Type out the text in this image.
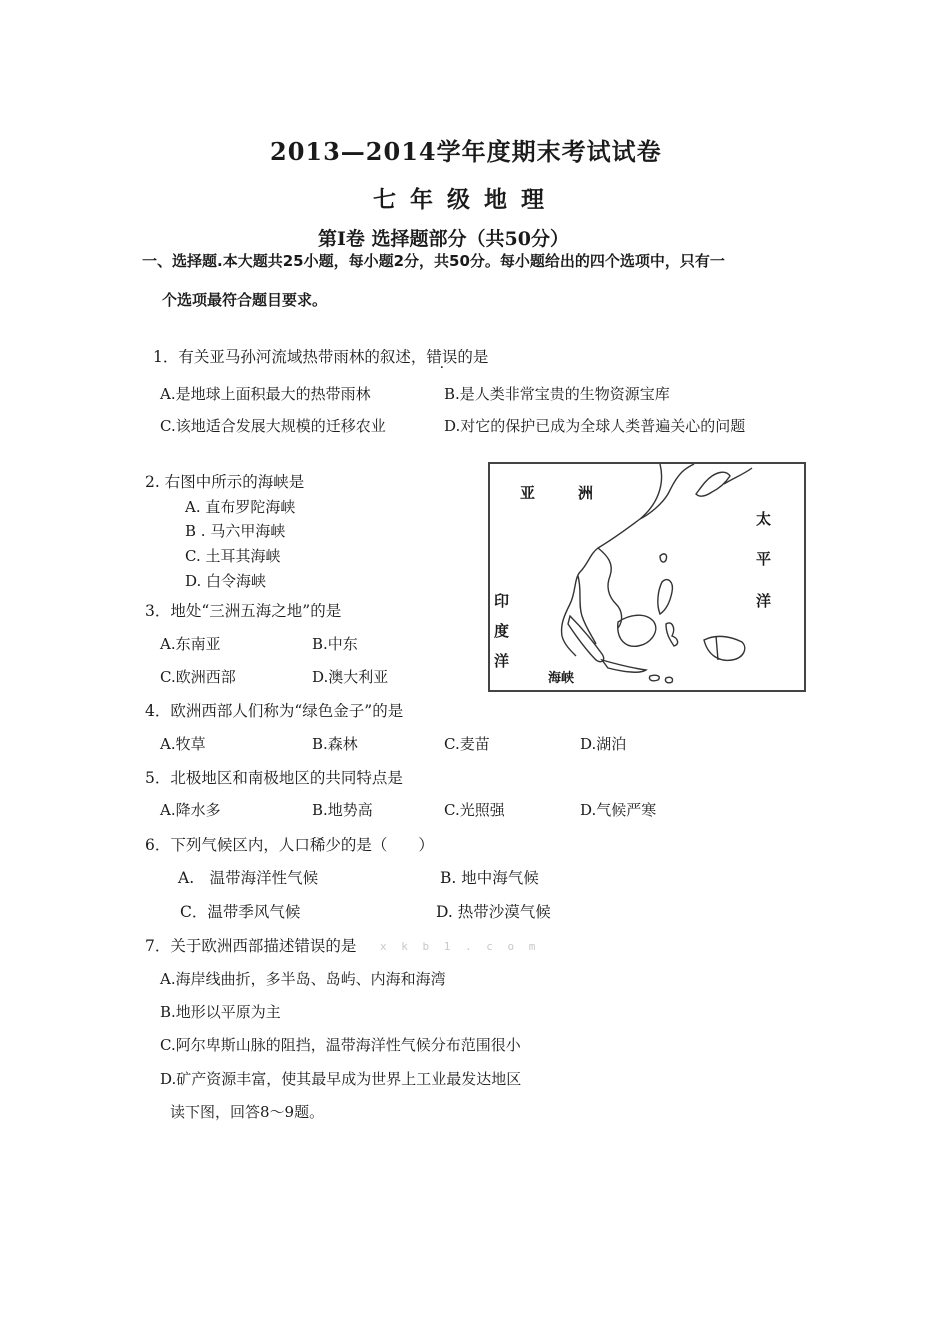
2013—2014学年度期末考试试卷
七年级地理
第Ⅰ卷 选择题部分（共50分）
一、选择题.本大题共25小题，每小题2分，共50分。每小题给出的四个选项中，只有一
个选项最符合题目要求。
1．有关亚马孙河流域热带雨林的叙述，错误的是
A.是地球上面积最大的热带雨林	B.是人类非常宝贵的生物资源宝库
C.该地适合发展大规模的迁移农业	D.对它的保护已成为全球人类普遍关心的问题
2. 右图中所示的海峡是
A. 直布罗陀海峡
B . 马六甲海峡
C. 土耳其海峡
D. 白令海峡
亚	洲
太
平
洋
印
度
洋
海峡
3．地处“三洲五海之地”的是
A.东南亚	B.中东
C.欧洲西部	D.澳大利亚
4．欧洲西部人们称为“绿色金子”的是
A.牧草	B.森林	C.麦苗	D.湖泊
5．北极地区和南极地区的共同特点是
A.降水多	B.地势高	C.光照强	D.气候严寒
6．下列气候区内，人口稀少的是（　　）
A.　温带海洋性气候	B. 地中海气候
C．温带季风气候	D. 热带沙漠气候
7．关于欧洲西部描述错误的是 x k b 1 . c o m
A.海岸线曲折，多半岛、岛屿、内海和海湾
B.地形以平原为主
C.阿尔卑斯山脉的阻挡，温带海洋性气候分布范围很小
D.矿产资源丰富，使其最早成为世界上工业最发达地区
读下图，回答8～9题。
